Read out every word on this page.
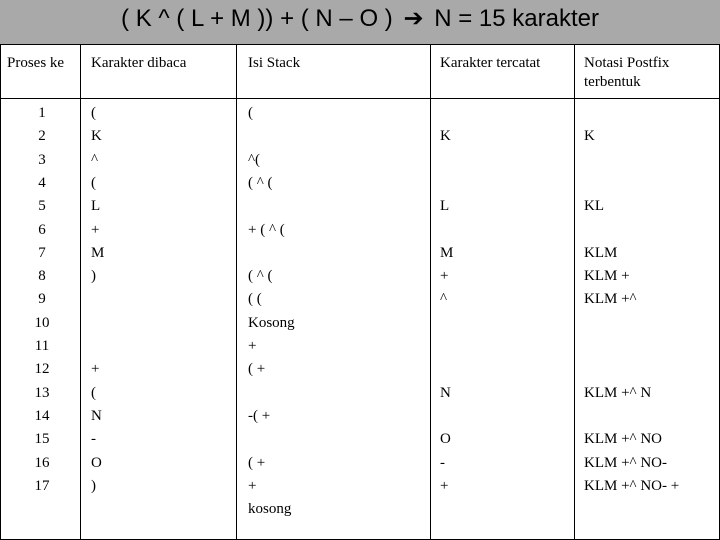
( K ^ ( L + M )) + ( N – O ) ➔ N = 15 karakter
Proses ke
1
2
3
4
5
6
7
8
9
10
11
12
13
14
15
16
17
Karakter dibaca
(
K
^
(
L
+
M
)
+
(
N
-
O
)
Isi Stack
(
^(
( ^ (
+ ( ^ (
( ^ (
( (
Kosong
+
( +
-( +
( +
+
kosong
Karakter tercatat
K
L
M
+
^
N
O
-
+
Notasi Postfix terbentuk
K
KL
KLM
KLM +
KLM +^
KLM +^ N
KLM +^ NO
KLM +^ NO-
KLM +^ NO- +
